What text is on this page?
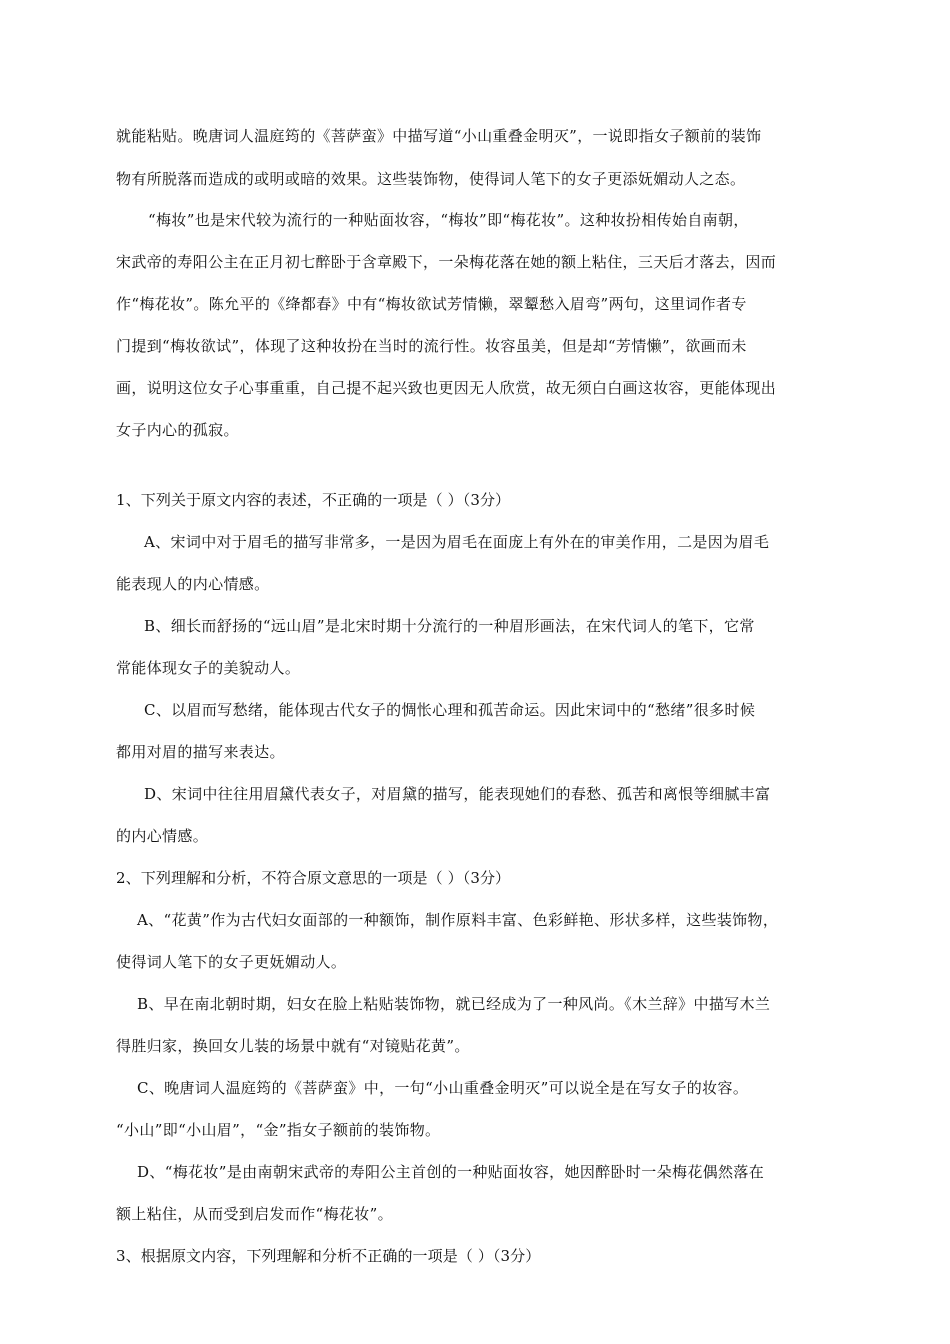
就能粘贴。晚唐词人温庭筠的《菩萨蛮》中描写道“小山重叠金明灭”，一说即指女子额前的装饰
物有所脱落而造成的或明或暗的效果。这些装饰物，使得词人笔下的女子更添妩媚动人之态。
“梅妆”也是宋代较为流行的一种贴面妆容，“梅妆”即“梅花妆”。这种妆扮相传始自南朝，
宋武帝的寿阳公主在正月初七醉卧于含章殿下，一朵梅花落在她的额上粘住，三天后才落去，因而
作“梅花妆”。陈允平的《绛都春》中有“梅妆欲试芳情懒，翠颦愁入眉弯”两句，这里词作者专
门提到“梅妆欲试”，体现了这种妆扮在当时的流行性。妆容虽美，但是却“芳情懒”，欲画而未
画，说明这位女子心事重重，自己提不起兴致也更因无人欣赏，故无须白白画这妆容，更能体现出
女子内心的孤寂。
1、下列关于原文内容的表述，不正确的一项是（ ）（3分）
A、宋词中对于眉毛的描写非常多，一是因为眉毛在面庞上有外在的审美作用，二是因为眉毛
能表现人的内心情感。
B、细长而舒扬的“远山眉”是北宋时期十分流行的一种眉形画法，在宋代词人的笔下，它常
常能体现女子的美貌动人。
C、以眉而写愁绪，能体现古代女子的惆怅心理和孤苦命运。因此宋词中的“愁绪”很多时候
都用对眉的描写来表达。
D、宋词中往往用眉黛代表女子，对眉黛的描写，能表现她们的春愁、孤苦和离恨等细腻丰富
的内心情感。
2、下列理解和分析，不符合原文意思的一项是（ ）（3分）
A、“花黄”作为古代妇女面部的一种额饰，制作原料丰富、色彩鲜艳、形状多样，这些装饰物，
使得词人笔下的女子更妩媚动人。
B、早在南北朝时期，妇女在脸上粘贴装饰物，就已经成为了一种风尚。《木兰辞》中描写木兰
得胜归家，换回女儿装的场景中就有“对镜贴花黄”。
C、晚唐词人温庭筠的《菩萨蛮》中，一句“小山重叠金明灭”可以说全是在写女子的妆容。
“小山”即“小山眉”，“金”指女子额前的装饰物。
D、“梅花妆”是由南朝宋武帝的寿阳公主首创的一种贴面妆容，她因醉卧时一朵梅花偶然落在
额上粘住，从而受到启发而作“梅花妆”。
3、根据原文内容，下列理解和分析不正确的一项是（ ）（3分）
